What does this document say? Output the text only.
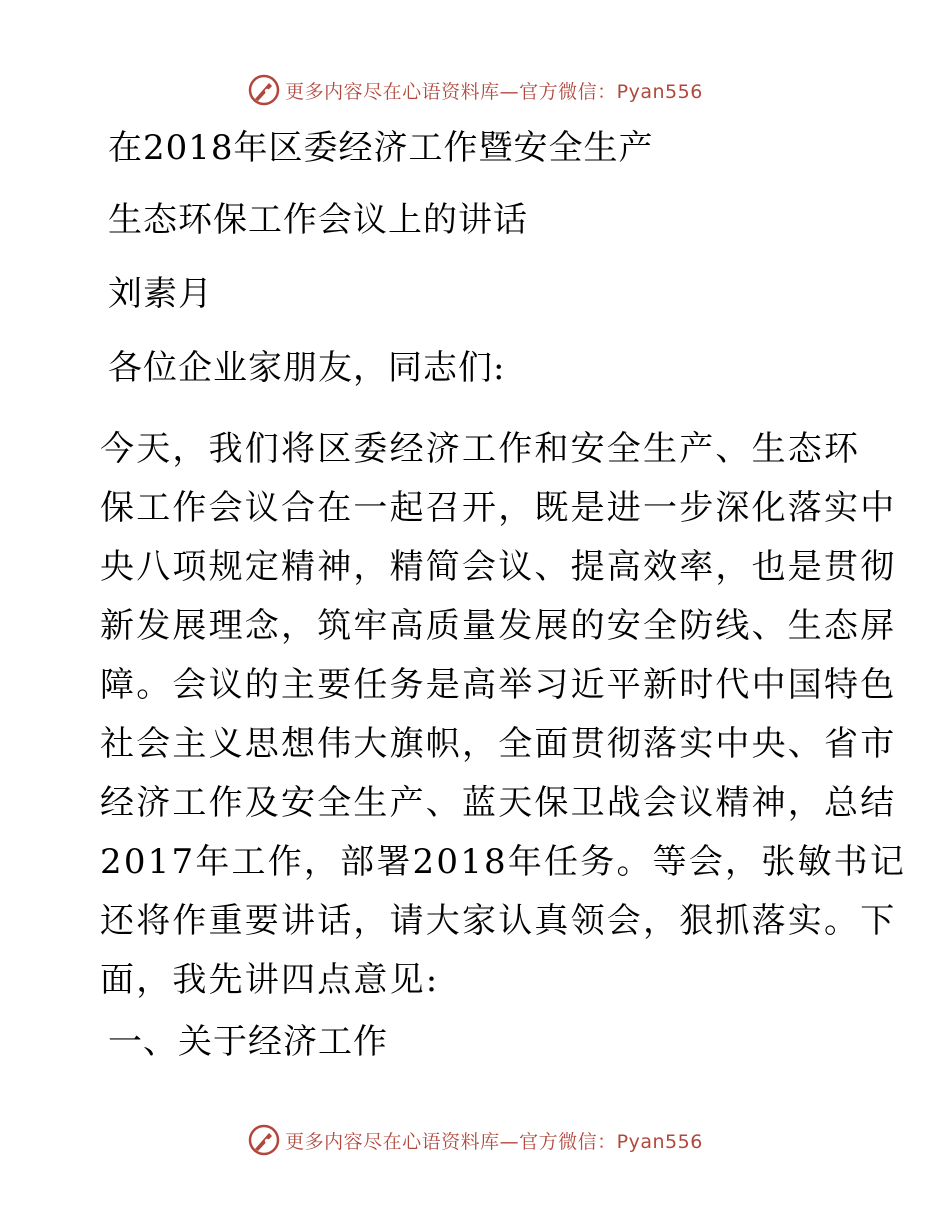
更多内容尽在心语资料库—官方微信：Pyan556
在2018年区委经济工作暨安全生产
生态环保工作会议上的讲话
刘素月
各位企业家朋友，同志们:
今天，我们将区委经济工作和安全生产、生态环
保工作会议合在一起召开，既是进一步深化落实中
央八项规定精神，精简会议、提高效率，也是贯彻
新发展理念，筑牢高质量发展的安全防线、生态屏
障。会议的主要任务是高举习近平新时代中国特色
社会主义思想伟大旗帜，全面贯彻落实中央、省市
经济工作及安全生产、蓝天保卫战会议精神，总结
2017年工作，部署2018年任务。等会，张敏书记
还将作重要讲话，请大家认真领会，狠抓落实。下
面，我先讲四点意见:
一、关于经济工作
更多内容尽在心语资料库—官方微信：Pyan556
